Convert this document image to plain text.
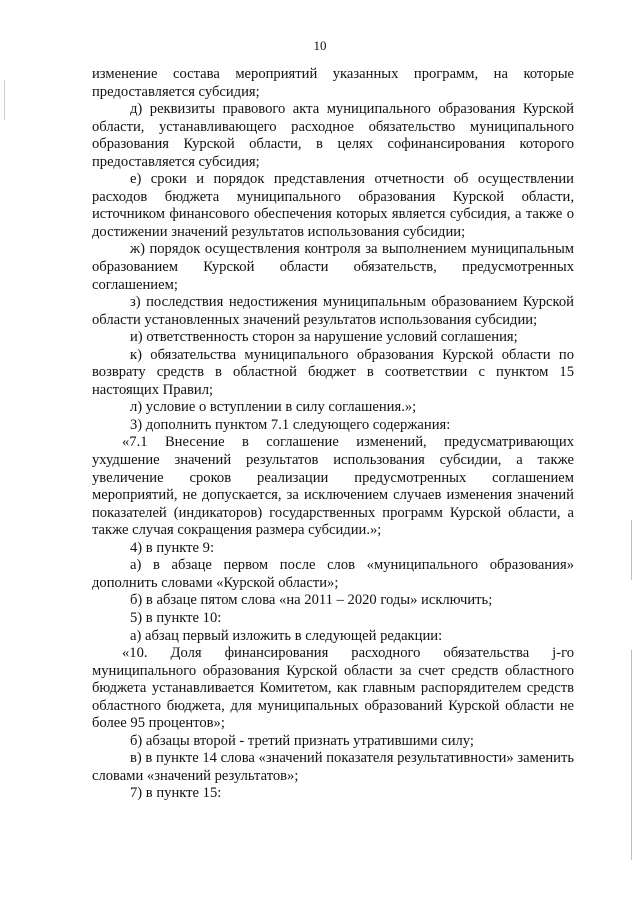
10

изменение состава мероприятий указанных программ, на которые предоставляется субсидия;

д) реквизиты правового акта муниципального образования Курской области, устанавливающего расходное обязательство муниципального образования Курской области, в целях софинансирования которого предоставляется субсидия;

е) сроки и порядок представления отчетности об осуществлении расходов бюджета муниципального образования Курской области, источником финансового обеспечения которых является субсидия, а также о достижении значений результатов использования субсидии;

ж) порядок осуществления контроля за выполнением муниципальным образованием Курской области обязательств, предусмотренных соглашением;

з) последствия недостижения муниципальным образованием Курской области установленных значений результатов использования субсидии;

и) ответственность сторон за нарушение условий соглашения;

к) обязательства муниципального образования Курской области по возврату средств в областной бюджет в соответствии с пунктом 15 настоящих Правил;

л) условие о вступлении в силу соглашения.»;

3) дополнить пунктом 7.1 следующего содержания:

«7.1 Внесение в соглашение изменений, предусматривающих ухудшение значений результатов использования субсидии, а также увеличение сроков реализации предусмотренных соглашением мероприятий, не допускается, за исключением случаев изменения значений показателей (индикаторов) государственных программ Курской области, а также случая сокращения размера субсидии.»;

4) в пункте 9:

а) в абзаце первом после слов «муниципального образования» дополнить словами «Курской области»;

б) в абзаце пятом слова «на 2011 – 2020 годы» исключить;

5) в пункте 10:

а) абзац первый изложить в следующей редакции:

«10. Доля финансирования расходного обязательства j-го муниципального образования Курской области за счет средств областного бюджета устанавливается Комитетом, как главным распорядителем средств областного бюджета, для муниципальных образований Курской области не более 95 процентов»;

б) абзацы второй - третий признать утратившими силу;

в) в пункте 14 слова «значений показателя результативности» заменить словами «значений результатов»;

7) в пункте 15:
